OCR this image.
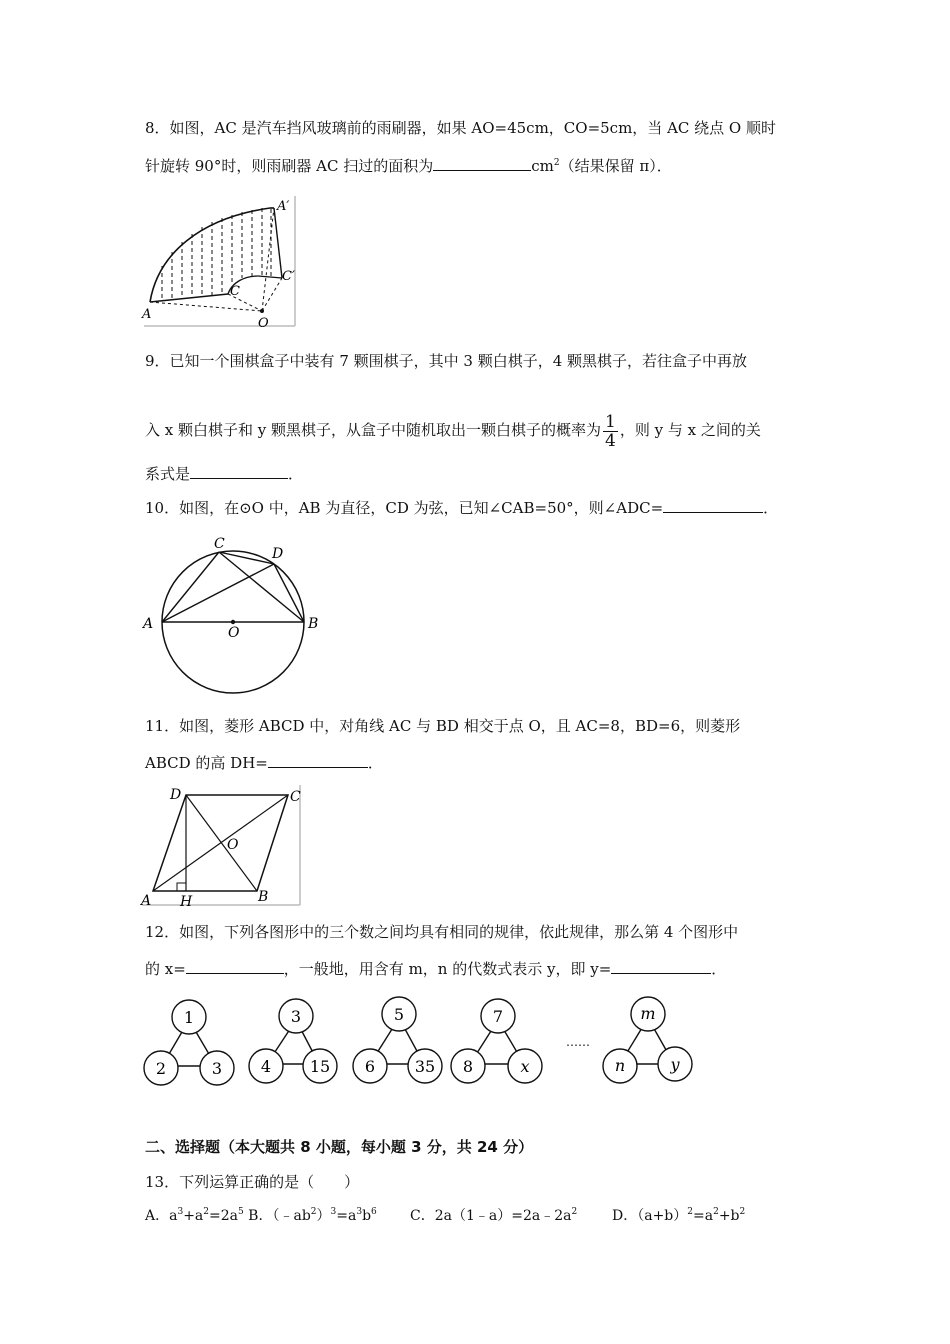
8．如图，AC 是汽车挡风玻璃前的雨刷器，如果 AO=45cm，CO=5cm，当 AC 绕点 O 顺时
针旋转 90°时，则雨刷器 AC 扫过的面积为	$cm^2$（结果保留 π）．
A
C
O
A′
C′
9．已知一个围棋盒子中装有 7 颗围棋子，其中 3 颗白棋子，4 颗黑棋子，若往盒子中再放
入 x 颗白棋子和 y 颗黑棋子，从盒子中随机取出一颗白棋子的概率为 $\frac{1}{4}$ ，则 y 与 x 之间的关
系式是	．
10．如图，在⊙O 中，AB 为直径，CD 为弦，已知∠CAB=50°，则∠ADC=	．
A	B
C
D
O
11．如图，菱形 ABCD 中，对角线 AC 与 BD 相交于点 O，且 AC=8，BD=6，则菱形
ABCD 的高 DH=	．
A	B
C
D
O
H
12．如图，下列各图形中的三个数之间均具有相同的规律，依此规律，那么第 4 个图形中
的 x=	，一般地，用含有 m，n 的代数式表示 y，即 y=	．
1
2	3
3
4 15
5
6 35
7
8	x
……
m
n	y
二、选择题（本大题共 8 小题，每小题 3 分，共 24 分）
13．下列运算正确的是（　　）
A．$a^3+a^2=2a^5$ B．$(﹣ab^2)^3=a^3b^6$ C．$2a(1﹣a)=2a﹣2a^2$ D．$(a+b)^2=a^2+b^2$
